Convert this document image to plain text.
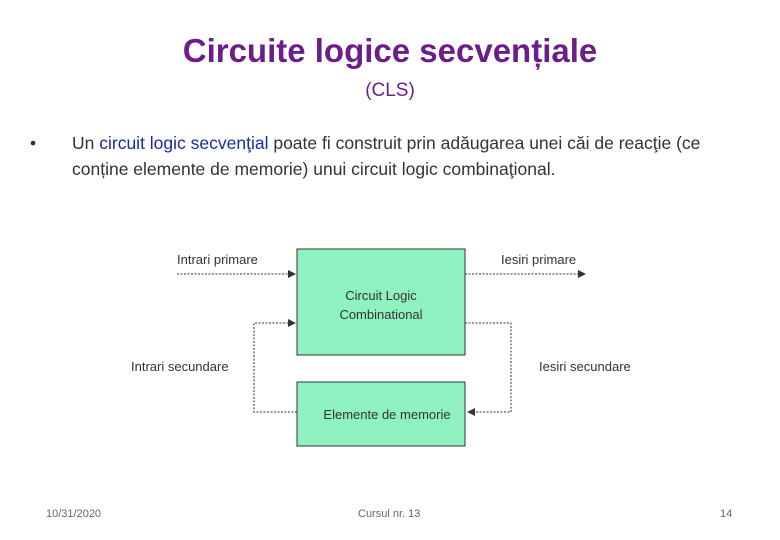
Circuite logice secvențiale
(CLS)
• Un circuit logic secvenţial poate fi construit prin adăugarea unei căi de reacţie (ce conține elemente de memorie) unui circuit logic combinaţional.
Circuit Logic
Combinational
Elemente de memorie
Intrari primare	Iesiri primare
Iesiri secundare
Intrari secundare
10/31/2020	Cursul nr. 13	14
